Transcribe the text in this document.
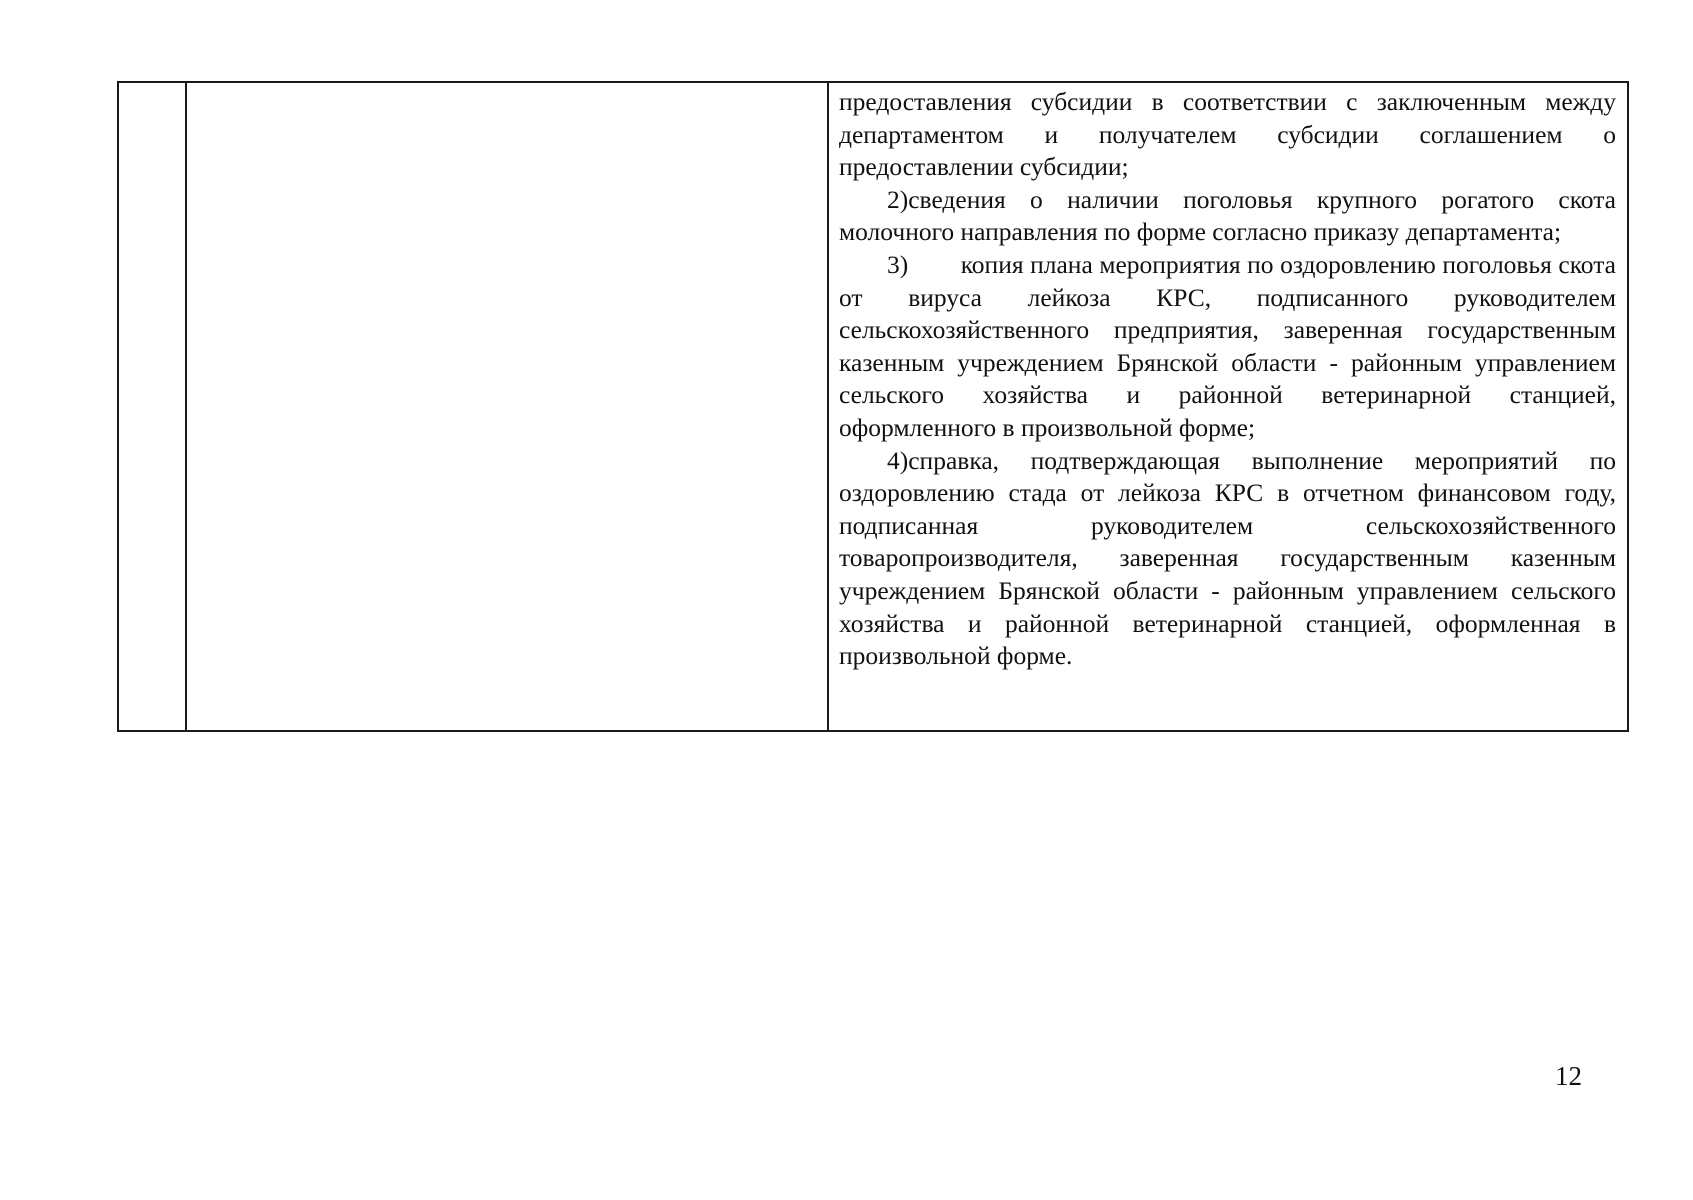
предоставления субсидии в соответствии с заключенным между департаментом и получателем субсидии соглашением о предоставлении субсидии;

2)сведения о наличии поголовья крупного рогатого скота молочного направления по форме согласно приказу департамента;

3)        копия плана мероприятия по оздоровлению поголовья скота от вируса лейкоза КРС, подписанного руководителем сельскохозяйственного предприятия, заверенная государственным казенным учреждением Брянской области - районным управлением сельского хозяйства и районной ветеринарной станцией, оформленного в произвольной форме;

4)справка, подтверждающая выполнение мероприятий по оздоровлению стада от лейкоза КРС в отчетном финансовом году, подписанная руководителем сельскохозяйственного товаропроизводителя, заверенная государственным казенным учреждением Брянской области - районным управлением сельского хозяйства и районной ветеринарной станцией, оформленная в произвольной форме.

12
